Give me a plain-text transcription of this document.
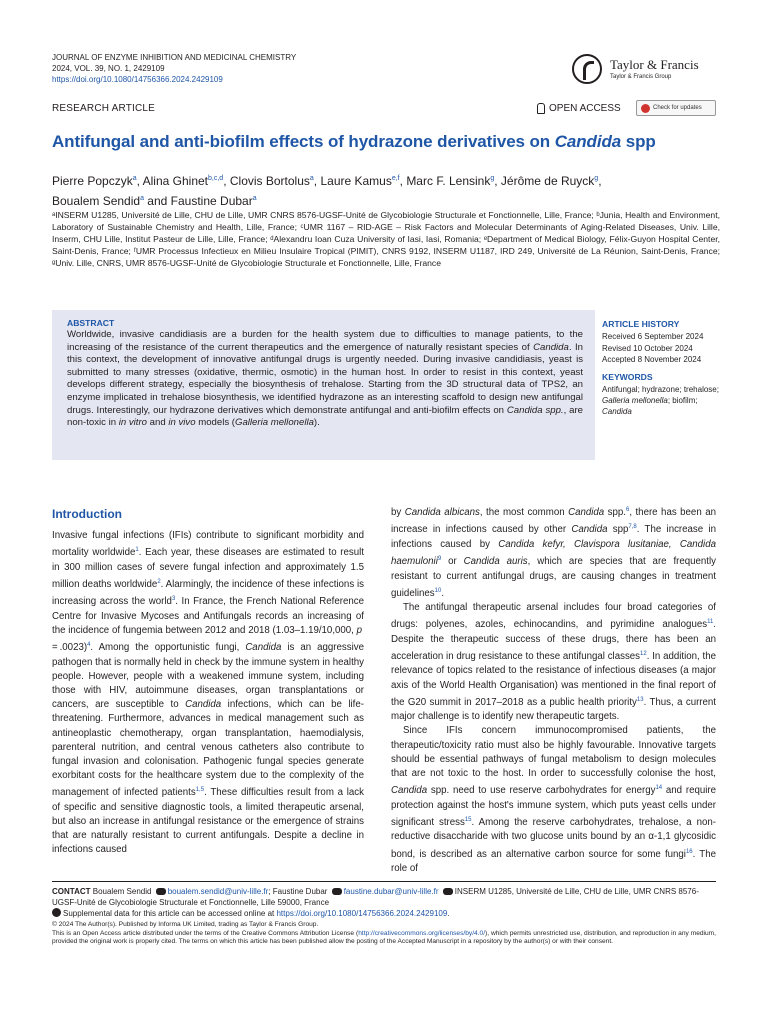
JOURNAL OF ENZYME INHIBITION AND MEDICINAL CHEMISTRY
2024, VOL. 39, NO. 1, 2429109
https://doi.org/10.1080/14756366.2024.2429109
Taylor & Francis
Taylor & Francis Group
RESEARCH ARTICLE	OPEN ACCESS	Check for updates
Antifungal and anti-biofilm effects of hydrazone derivatives on Candida spp
Pierre Popczyk$^a$, Alina Ghinet$^{b,c,d}$, Clovis Bortolus$^a$, Laure Kamus$^{e,f}$, Marc F. Lensink$^g$, Jérôme de Ruyck$^g$,
Boualem Sendid$^a$ and Faustine Dubar$^a$
ᵃINSERM U1285, Université de Lille, CHU de Lille, UMR CNRS 8576-UGSF-Unité de Glycobiologie Structurale et Fonctionnelle, Lille, France; ᵇJunia, Health and Environment, Laboratory of Sustainable Chemistry and Health, Lille, France; ᶜUMR 1167 – RID-AGE – Risk Factors and Molecular Determinants of Aging-Related Diseases, Univ. Lille, Inserm, CHU Lille, Institut Pasteur de Lille, Lille, France; ᵈAlexandru Ioan Cuza University of Iasi, Iasi, Romania; ᵉDepartment of Medical Biology, Félix-Guyon Hospital Center, Saint-Denis, France; ᶠUMR Processus Infectieux en Milieu Insulaire Tropical (PIMIT), CNRS 9192, INSERM U1187, IRD 249, Université de La Réunion, Saint-Denis, France; ᵍUniv. Lille, CNRS, UMR 8576-UGSF-Unité de Glycobiologie Structurale et Fonctionnelle, Lille, France
ABSTRACT
Worldwide, invasive candidiasis are a burden for the health system due to difficulties to manage patients, to the increasing of the resistance of the current therapeutics and the emergence of naturally resistant species of Candida. In this context, the development of innovative antifungal drugs is urgently needed. During invasive candidiasis, yeast is submitted to many stresses (oxidative, thermic, osmotic) in the human host. In order to resist in this context, yeast develops different strategy, especially the biosynthesis of trehalose. Starting from the 3D structural data of TPS2, an enzyme implicated in trehalose biosynthesis, we identified hydrazone as an interesting scaffold to design new antifungal drugs. Interestingly, our hydrazone derivatives which demonstrate antifungal and anti-biofilm effects on Candida spp., are non-toxic in in vitro and in vivo models (Galleria mellonella).
ARTICLE HISTORY
Received 6 September 2024
Revised 10 October 2024
Accepted 8 November 2024
KEYWORDS
Antifungal; hydrazone; trehalose; Galleria mellonella; biofilm; Candida
Introduction

Invasive fungal infections (IFIs) contribute to significant morbidity and mortality worldwide$^1$. Each year, these diseases are estimated to result in 300 million cases of severe fungal infection and approximately 1.5 million deaths worldwide$^2$. Alarmingly, the incidence of these infections is increasing across the world$^3$. In France, the French National Reference Centre for Invasive Mycoses and Antifungals records an increasing of the incidence of fungemia between 2012 and 2018 (1.03–1.19/10,000, p = .0023)$^4$. Among the opportunistic fungi, Candida is an aggressive pathogen that is normally held in check by the immune system in healthy people. However, people with a weakened immune system, including those with HIV, autoimmune diseases, organ transplantations or cancers, are susceptible to Candida infections, which can be life-threatening. Furthermore, advances in medical management such as antineoplastic chemotherapy, organ transplantation, haemodialysis, parenteral nutrition, and central venous catheters also contribute to fungal invasion and colonisation. Pathogenic fungal species generate exorbitant costs for the healthcare system due to the complexity of the management of infected patients$^{1,5}$. These difficulties result from a lack of specific and sensitive diagnostic tools, a limited therapeutic arsenal, but also an increase in antifungal resistance or the emergence of strains that are naturally resistant to current antifungals. Despite a decline in infections caused

by Candida albicans, the most common Candida spp.$^6$, there has been an increase in infections caused by other Candida spp$^{7,8}$. The increase in infections caused by Candida kefyr, Clavispora lusitaniae, Candida haemulonii$^9$ or Candida auris, which are species that are frequently resistant to current antifungal drugs, are causing changes in treatment guidelines$^{10}$.

The antifungal therapeutic arsenal includes four broad categories of drugs: polyenes, azoles, echinocandins, and pyrimidine analogues$^{11}$. Despite the therapeutic success of these drugs, there has been an acceleration in drug resistance to these antifungal classes$^{12}$. In addition, the relevance of topics related to the resistance of infectious diseases (a major axis of the World Health Organisation) was mentioned in the final report of the G20 summit in 2017–2018 as a public health priority$^{13}$. Thus, a current major challenge is to identify new therapeutic targets.

Since IFIs concern immunocompromised patients, the therapeutic/toxicity ratio must also be highly favourable. Innovative targets should be essential pathways of fungal metabolism to design molecules that are not toxic to the host. In order to successfully colonise the host, Candida spp. need to use reserve carbohydrates for energy$^{14}$ and require protection against the host's immune system, which puts yeast cells under significant stress$^{15}$. Among the reserve carbohydrates, trehalose, a non-reductive disaccharide with two glucose units bound by an α-1,1 glycosidic bond, is described as an alternative carbon source for some fungi$^{16}$. The role of

CONTACT Boualem Sendid boualem.sendid@univ-lille.fr; Faustine Dubar faustine.dubar@univ-lille.fr INSERM U1285, Université de Lille, CHU de Lille, UMR CNRS 8576-UGSF-Unité de Glycobiologie Structurale et Fonctionnelle, Lille 59000, France
Supplemental data for this article can be accessed online at https://doi.org/10.1080/14756366.2024.2429109.
© 2024 The Author(s). Published by Informa UK Limited, trading as Taylor & Francis Group.
This is an Open Access article distributed under the terms of the Creative Commons Attribution License (http://creativecommons.org/licenses/by/4.0/), which permits unrestricted use, distribution, and reproduction in any medium, provided the original work is properly cited. The terms on which this article has been published allow the posting of the Accepted Manuscript in a repository by the author(s) or with their consent.
